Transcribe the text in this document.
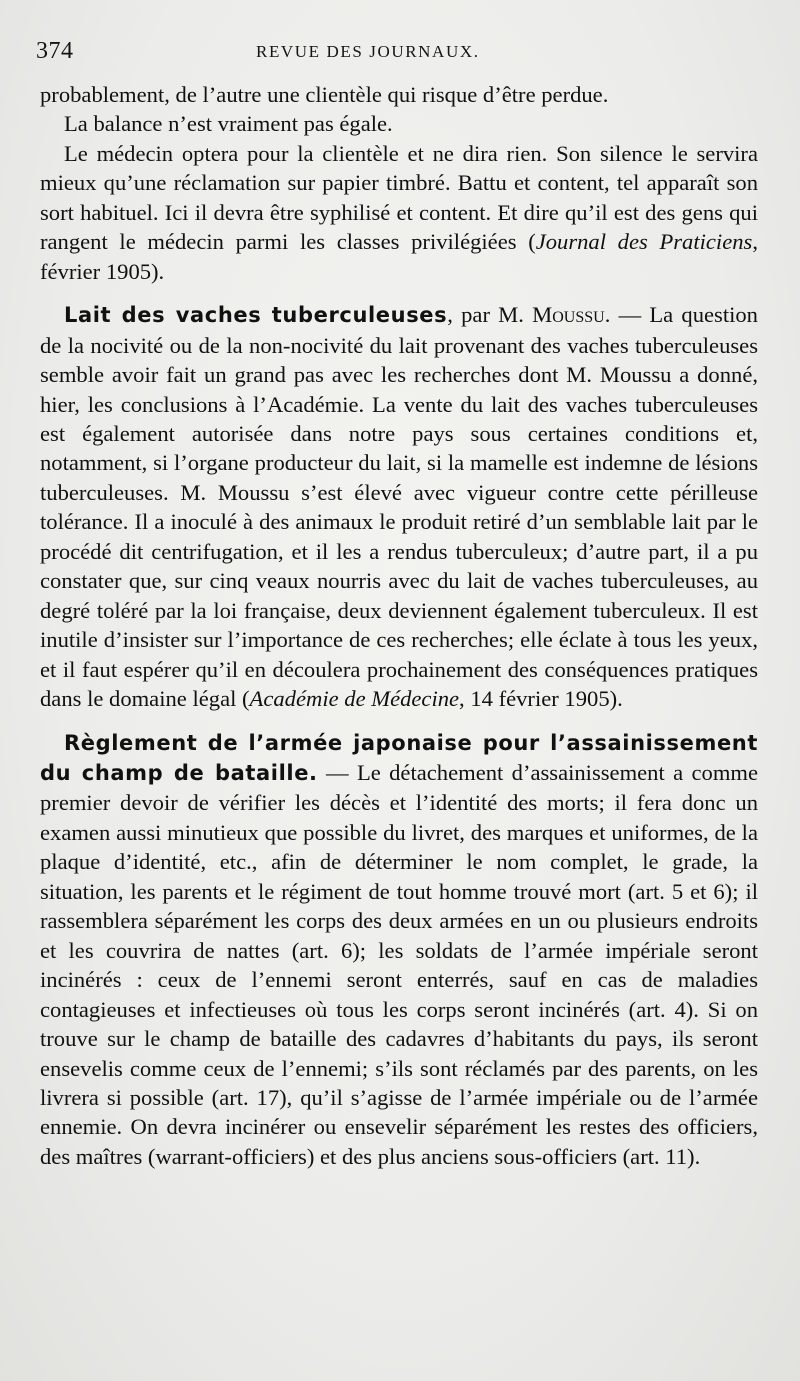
374	REVUE DES JOURNAUX.

probablement, de l’autre une clientèle qui risque d’être perdue.

La balance n’est vraiment pas égale.

Le médecin optera pour la clientèle et ne dira rien. Son silence le servira mieux qu’une réclamation sur papier timbré. Battu et content, tel apparaît son sort habituel. Ici il devra être syphilisé et content. Et dire qu’il est des gens qui rangent le médecin parmi les classes privilégiées (Journal des Praticiens, février 1905).

Lait des vaches tuberculeuses, par M. Moussu. — La question de la nocivité ou de la non-nocivité du lait provenant des vaches tuberculeuses semble avoir fait un grand pas avec les recherches dont M. Moussu a donné, hier, les conclusions à l’Académie. La vente du lait des vaches tuberculeuses est également autorisée dans notre pays sous certaines conditions et, notamment, si l’organe producteur du lait, si la mamelle est indemne de lésions tuberculeuses. M. Moussu s’est élevé avec vigueur contre cette périlleuse tolérance. Il a inoculé à des animaux le produit retiré d’un semblable lait par le procédé dit centrifugation, et il les a rendus tuberculeux; d’autre part, il a pu constater que, sur cinq veaux nourris avec du lait de vaches tuberculeuses, au degré toléré par la loi française, deux deviennent également tuberculeux. Il est inutile d’insister sur l’importance de ces recherches; elle éclate à tous les yeux, et il faut espérer qu’il en découlera prochainement des conséquences pratiques dans le domaine légal (Académie de Médecine, 14 février 1905).

Règlement de l’armée japonaise pour l’assainissement du champ de bataille. — Le détachement d’assainissement a comme premier devoir de vérifier les décès et l’identité des morts; il fera donc un examen aussi minutieux que possible du livret, des marques et uniformes, de la plaque d’identité, etc., afin de déterminer le nom complet, le grade, la situation, les parents et le régiment de tout homme trouvé mort (art. 5 et 6); il rassemblera séparément les corps des deux armées en un ou plusieurs endroits et les couvrira de nattes (art. 6); les soldats de l’armée impériale seront incinérés : ceux de l’ennemi seront enterrés, sauf en cas de maladies contagieuses et infectieuses où tous les corps seront incinérés (art. 4). Si on trouve sur le champ de bataille des cadavres d’habitants du pays, ils seront ensevelis comme ceux de l’ennemi; s’ils sont réclamés par des parents, on les livrera si possible (art. 17), qu’il s’agisse de l’armée impériale ou de l’armée ennemie. On devra incinérer ou ensevelir séparément les restes des officiers, des maîtres (warrant-officiers) et des plus anciens sous-officiers (art. 11).
